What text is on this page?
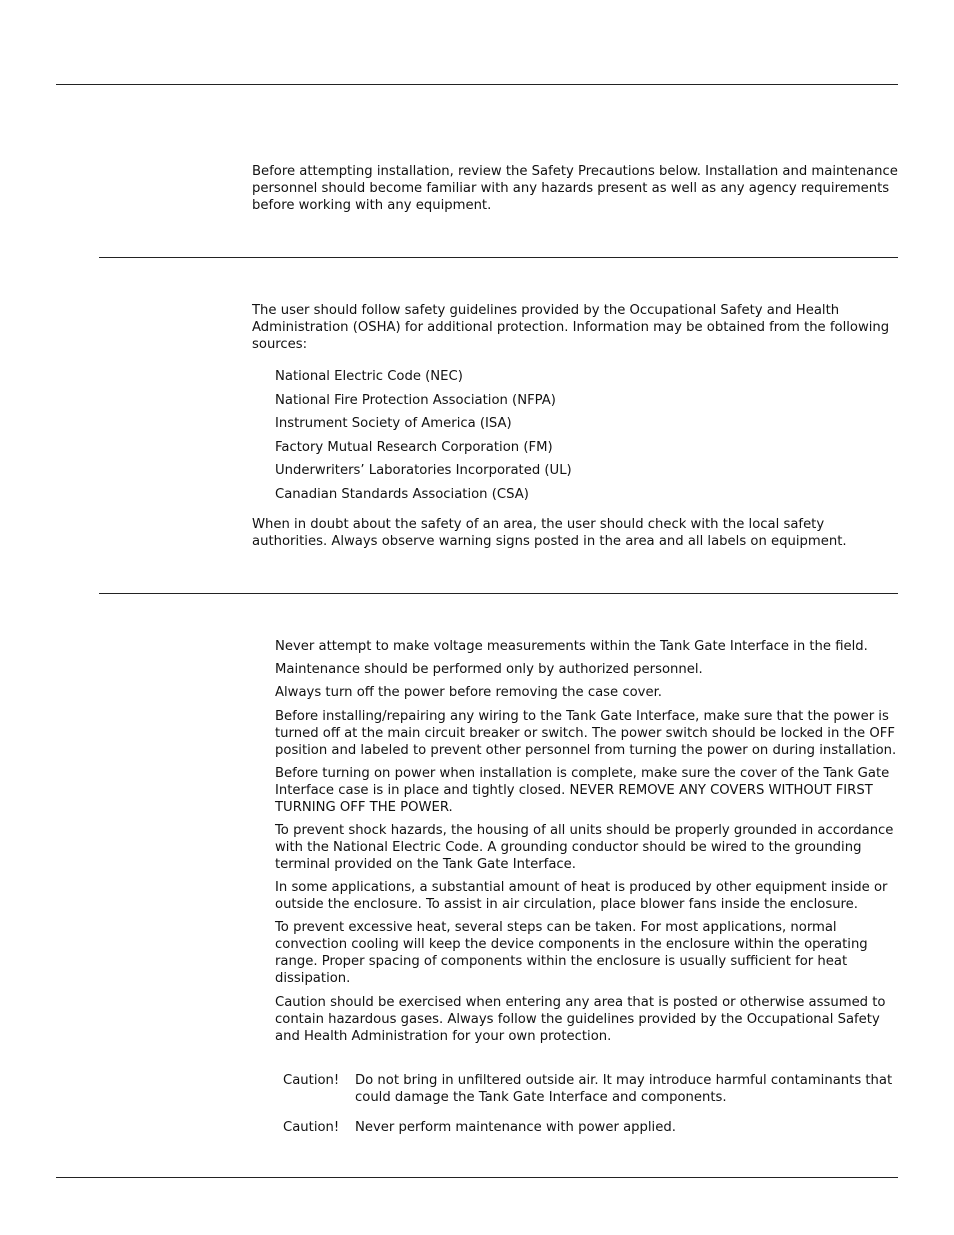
Before attempting installation, review the Safety Precautions below. Installation and maintenance personnel should become familiar with any hazards present as well as any agency requirements before working with any equipment.

The user should follow safety guidelines provided by the Occupational Safety and Health Administration (OSHA) for additional protection. Information may be obtained from the following sources:

National Electric Code (NEC)
National Fire Protection Association (NFPA)
Instrument Society of America (ISA)
Factory Mutual Research Corporation (FM)
Underwriters’ Laboratories Incorporated (UL)
Canadian Standards Association (CSA)

When in doubt about the safety of an area, the user should check with the local safety authorities. Always observe warning signs posted in the area and all labels on equipment.

Never attempt to make voltage measurements within the Tank Gate Interface in the field.
Maintenance should be performed only by authorized personnel.
Always turn off the power before removing the case cover.
Before installing/repairing any wiring to the Tank Gate Interface, make sure that the power is turned off at the main circuit breaker or switch. The power switch should be locked in the OFF position and labeled to prevent other personnel from turning the power on during installation.
Before turning on power when installation is complete, make sure the cover of the Tank Gate Interface case is in place and tightly closed. NEVER REMOVE ANY COVERS WITHOUT FIRST TURNING OFF THE POWER.
To prevent shock hazards, the housing of all units should be properly grounded in accordance with the National Electric Code. A grounding conductor should be wired to the grounding terminal provided on the Tank Gate Interface.
In some applications, a substantial amount of heat is produced by other equipment inside or outside the enclosure. To assist in air circulation, place blower fans inside the enclosure.
To prevent excessive heat, several steps can be taken. For most applications, normal convection cooling will keep the device components in the enclosure within the operating range. Proper spacing of components within the enclosure is usually sufficient for heat dissipation.
Caution should be exercised when entering any area that is posted or otherwise assumed to contain hazardous gases. Always follow the guidelines provided by the Occupational Safety and Health Administration for your own protection.
Caution!	Do not bring in unfiltered outside air. It may introduce harmful contaminants that could damage the Tank Gate Interface and components.
Caution!	Never perform maintenance with power applied.
